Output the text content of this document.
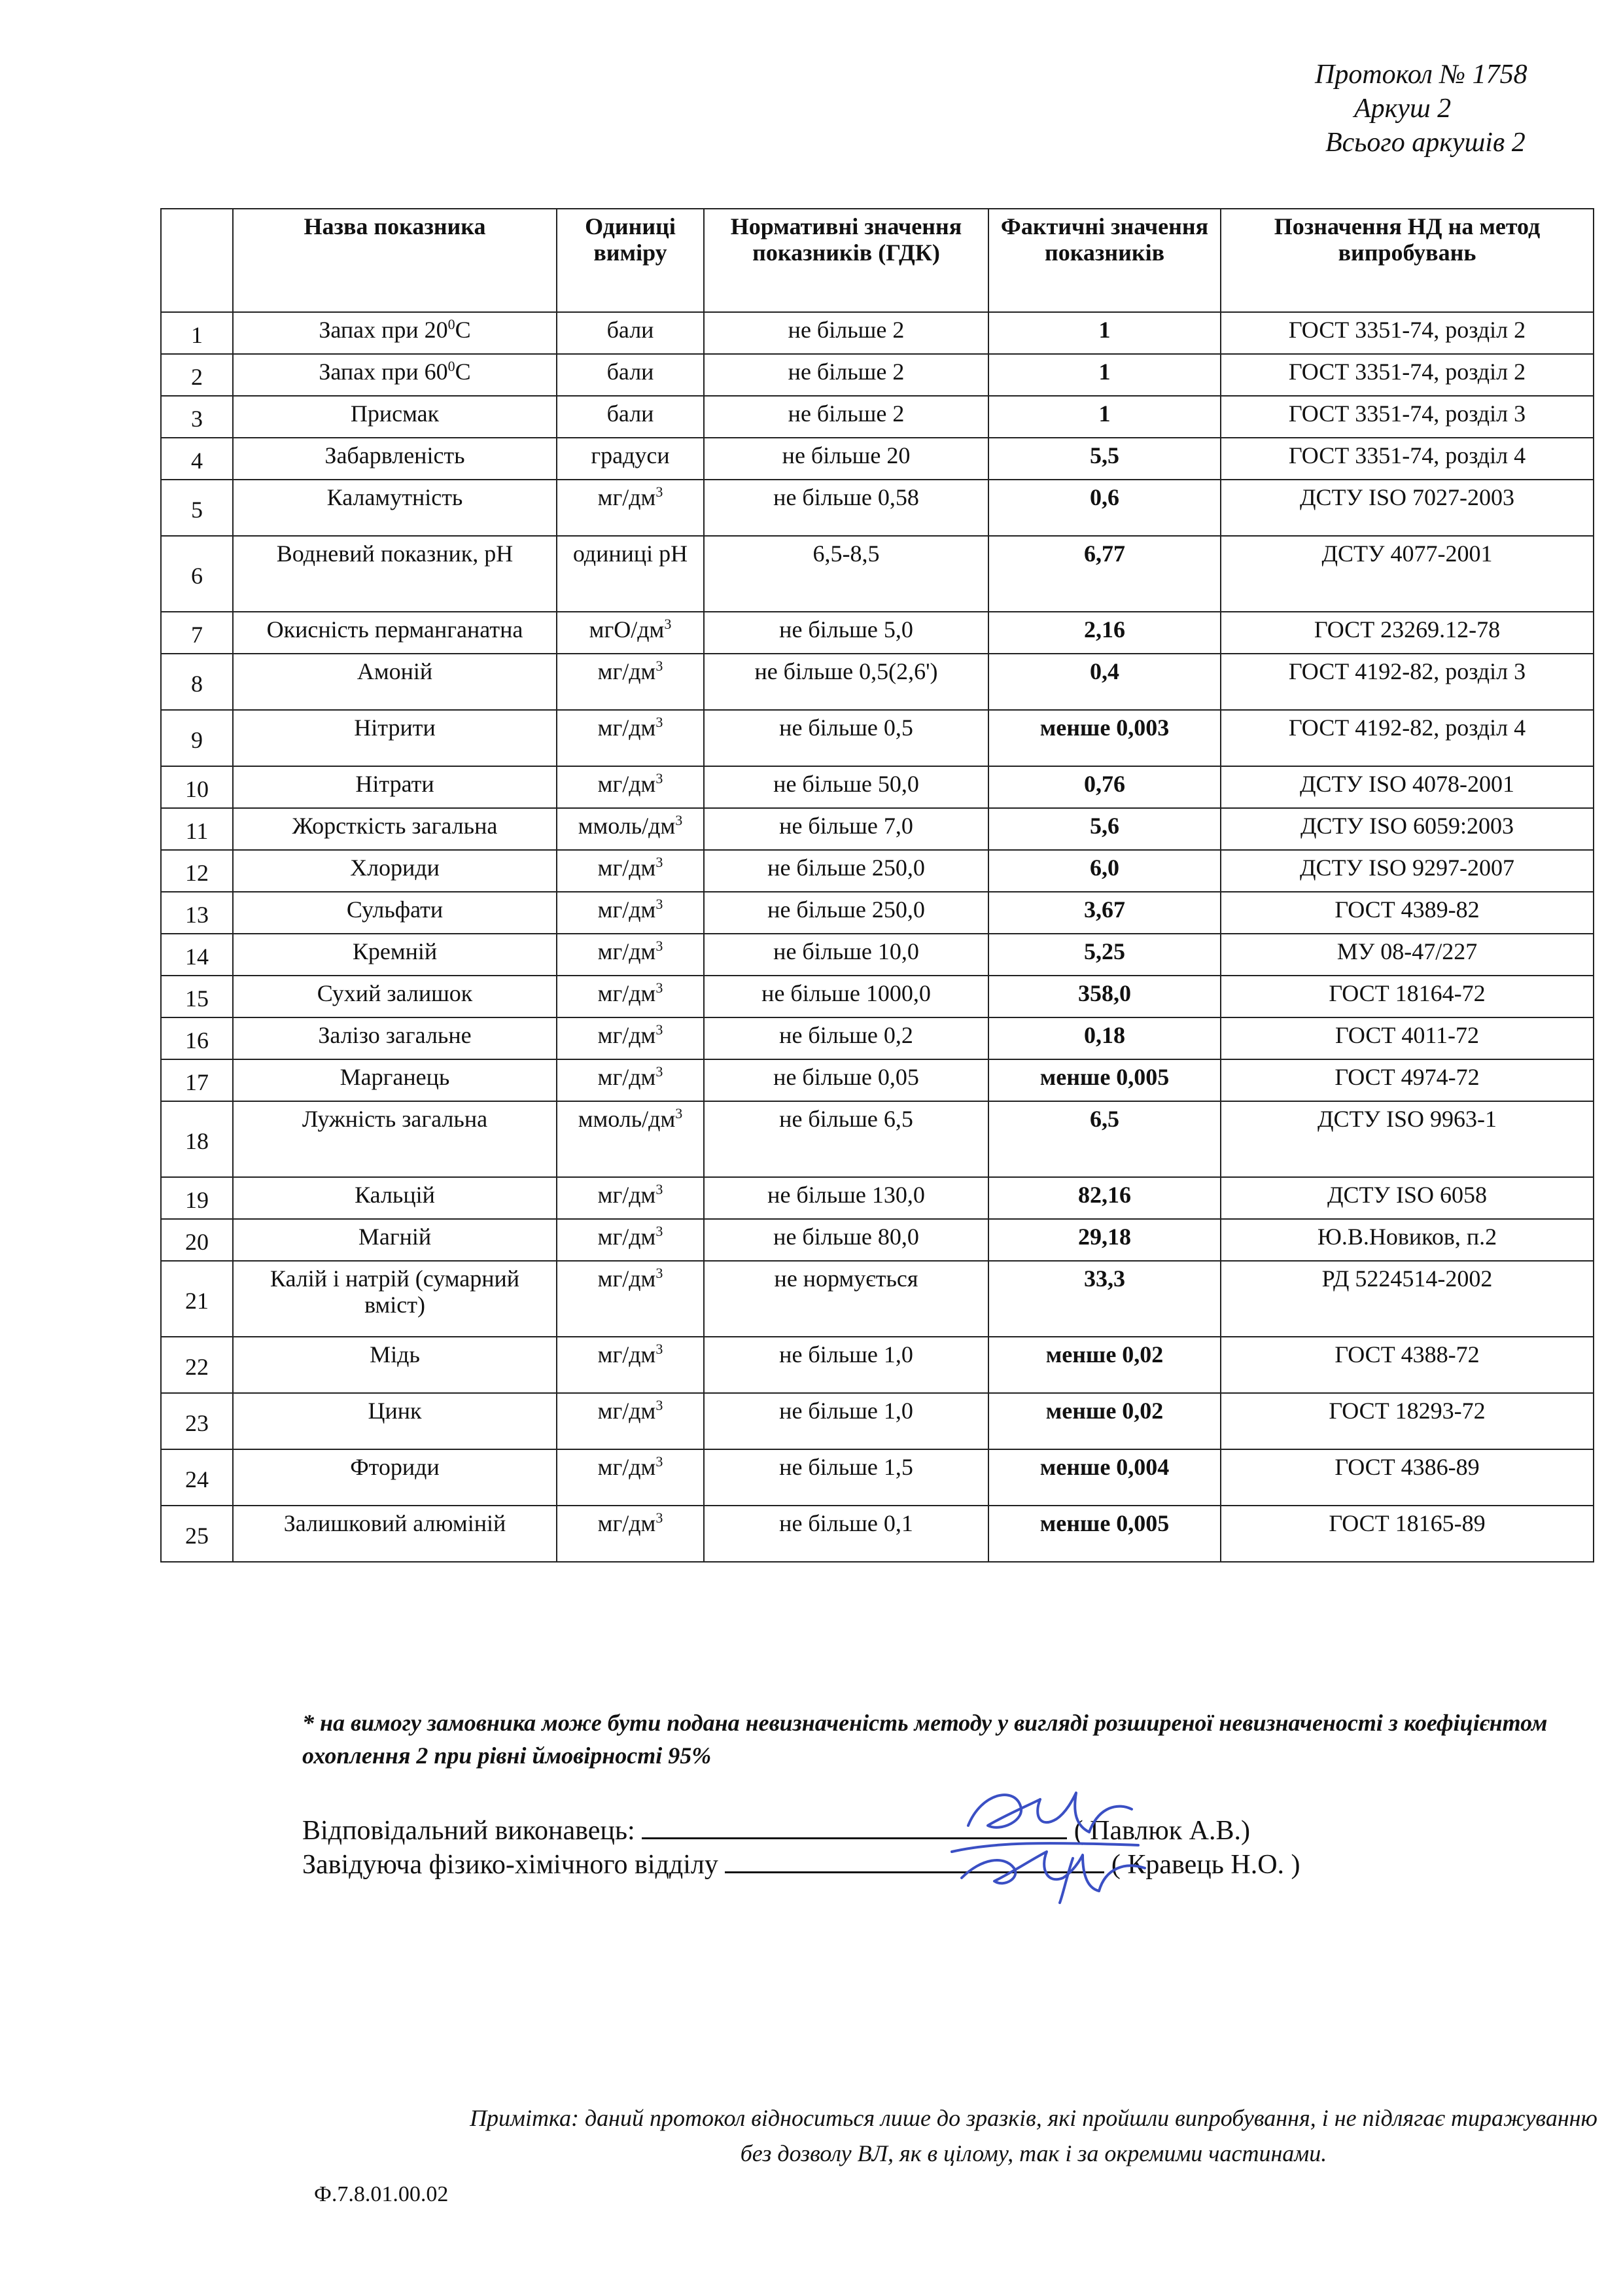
Протокол № 1758
Аркуш 2
Всього аркушів 2
	Назва показника	Одиниці виміру	Нормативні значення показників (ГДК)	Фактичні значення показників	Позначення НД на метод випробувань
1	Запах при $20^0С$	бали	не більше 2	1	ГОСТ 3351-74, розділ 2
2	Запах при $60^0С$	бали	не більше 2	1	ГОСТ 3351-74, розділ 2
3	Присмак	бали	не більше 2	1	ГОСТ 3351-74, розділ 3
4	Забарвленість	градуси	не більше 20	5,5	ГОСТ 3351-74, розділ 4
5	Каламутність	$мг/дм^3$	не більше 0,58	0,6	ДСТУ ISO 7027-2003
6	Водневий показник, рН	одиниці рН	6,5-8,5	6,77	ДСТУ 4077-2001
7	Окисність перманганатна	мгО/$дм^3$	не більше 5,0	2,16	ГОСТ 23269.12-78
8	Амоній	$мг/дм^3$	не більше 0,5(2,6')	0,4	ГОСТ 4192-82, розділ 3
9	Нітрити	$мг/дм^3$	не більше 0,5	менше 0,003	ГОСТ 4192-82, розділ 4
10	Нітрати	$мг/дм^3$	не більше 50,0	0,76	ДСТУ ISO 4078-2001
11	Жорсткість загальна	ммоль/$дм^3$	не більше 7,0	5,6	ДСТУ ISO 6059:2003
12	Хлориди	$мг/дм^3$	не більше 250,0	6,0	ДСТУ ISO 9297-2007
13	Сульфати	$мг/дм^3$	не більше 250,0	3,67	ГОСТ 4389-82
14	Кремній	$мг/дм^3$	не більше 10,0	5,25	МУ 08-47/227
15	Сухий залишок	$мг/дм^3$	не більше 1000,0	358,0	ГОСТ 18164-72
16	Залізо загальне	$мг/дм^3$	не більше 0,2	0,18	ГОСТ 4011-72
17	Марганець	$мг/дм^3$	не більше 0,05	менше 0,005	ГОСТ 4974-72
18	Лужність загальна	ммоль/$дм^3$	не більше 6,5	6,5	ДСТУ ISO 9963-1
19	Кальцій	$мг/дм^3$	не більше 130,0	82,16	ДСТУ ISO 6058
20	Магній	$мг/дм^3$	не більше 80,0	29,18	Ю.В.Новиков, п.2
21	Калій і натрій (сумарний вміст)	$мг/дм^3$	не нормується	33,3	РД 5224514-2002
22	Мідь	$мг/дм^3$	не більше 1,0	менше 0,02	ГОСТ 4388-72
23	Цинк	$мг/дм^3$	не більше 1,0	менше 0,02	ГОСТ 18293-72
24	Фториди	$мг/дм^3$	не більше 1,5	менше 0,004	ГОСТ 4386-89
25	Залишковий алюміній	$мг/дм^3$	не більше 0,1	менше 0,005	ГОСТ 18165-89
* на вимогу замовника може бути подана невизначеність методу у вигляді розширеної невизначеності з коефіцієнтом охоплення 2 при рівні ймовірності 95%
Відповідальний виконавець:	( Павлюк А.В.)
Завідуюча фізико-хімічного відділу	( Кравець Н.О. )
Примітка: даний протокол відноситься лише до зразків, які пройшли випробування, і не підлягає тиражуванню без дозволу ВЛ, як в цілому, так і за окремими частинами.
Ф.7.8.01.00.02
